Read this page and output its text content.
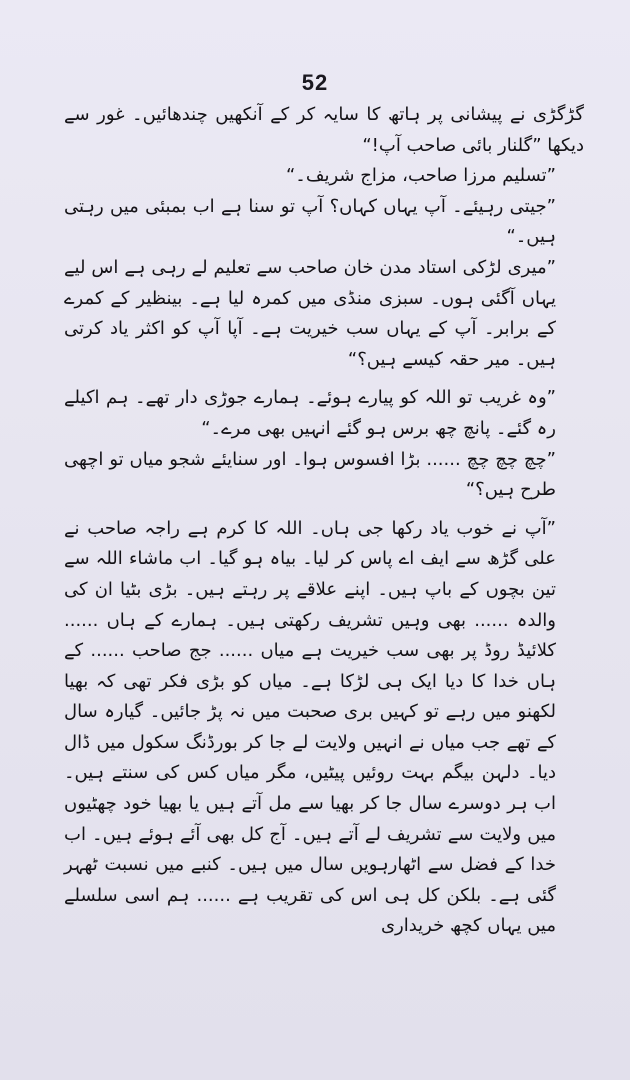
52

گڑگڑی نے پیشانی پر ہاتھ کا سایہ کر کے آنکھیں چندھائیں۔ غور سے دیکھا ”گلنار بائی صاحب آپ!“

”تسلیم مرزا صاحب، مزاج شریف۔“

”جیتی رہیئے۔ آپ یہاں کہاں؟ آپ تو سنا ہے اب بمبئی میں رہتی ہیں۔“

”میری لڑکی استاد مدن خان صاحب سے تعلیم لے رہی ہے اس لیے یہاں آگئی ہوں۔ سبزی منڈی میں کمرہ لیا ہے۔ بینظیر کے کمرے کے برابر۔ آپ کے یہاں سب خیریت ہے۔ آپا آپ کو اکثر یاد کرتی ہیں۔ میر حقہ کیسے ہیں؟“

”وہ غریب تو اللہ کو پیارے ہوئے۔ ہمارے جوڑی دار تھے۔ ہم اکیلے رہ گئے۔ پانچ چھ برس ہو گئے انہیں بھی مرے۔“

”چچ چچ چچ ...... بڑا افسوس ہوا۔ اور سنایئے شجو میاں تو اچھی طرح ہیں؟“

”آپ نے خوب یاد رکھا جی ہاں۔ اللہ کا کرم ہے راجہ صاحب نے علی گڑھ سے ایف اے پاس کر لیا۔ بیاہ ہو گیا۔ اب ماشاء اللہ سے تین بچوں کے باپ ہیں۔ اپنے علاقے پر رہتے ہیں۔ بڑی بٹیا ان کی والدہ ...... بھی وہیں تشریف رکھتی ہیں۔ ہمارے کے ہاں ...... کلائیڈ روڈ پر بھی سب خیریت ہے میاں ...... جج صاحب ...... کے ہاں خدا کا دیا ایک ہی لڑکا ہے۔ میاں کو بڑی فکر تھی کہ بھیا لکھنو میں رہے تو کہیں بری صحبت میں نہ پڑ جائیں۔ گیارہ سال کے تھے جب میاں نے انہیں ولایت لے جا کر بورڈنگ سکول میں ڈال دیا۔ دلہن بیگم بہت روئیں پیٹیں، مگر میاں کس کی سنتے ہیں۔ اب ہر دوسرے سال جا کر بھیا سے مل آتے ہیں یا بھیا خود چھٹیوں میں ولایت سے تشریف لے آتے ہیں۔ آج کل بھی آئے ہوئے ہیں۔ اب خدا کے فضل سے اٹھارہویں سال میں ہیں۔ کنبے میں نسبت ٹھہر گئی ہے۔ بلکن کل ہی اس کی تقریب ہے ...... ہم اسی سلسلے میں یہاں کچھ خریداری
